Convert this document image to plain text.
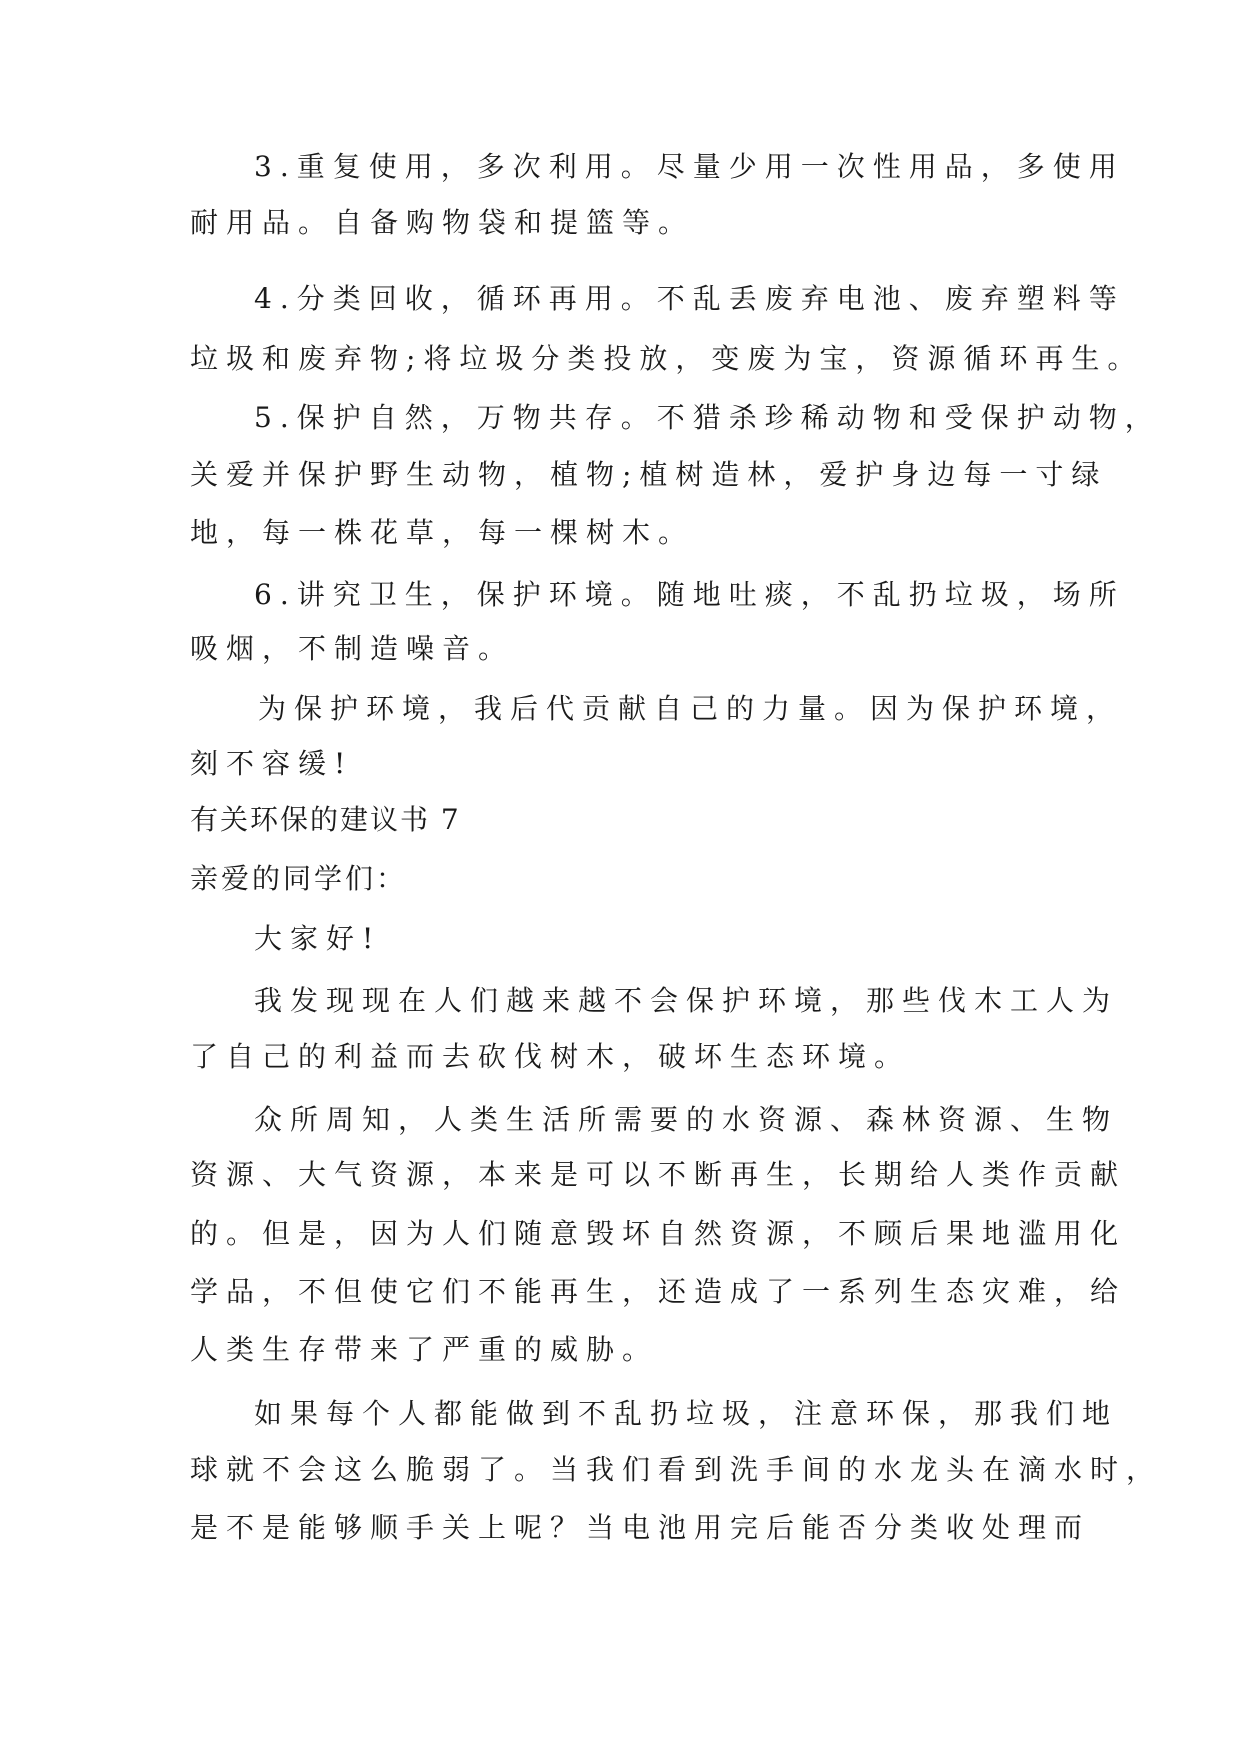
3.重复使用，多次利用。尽量少用一次性用品，多使用
耐用品。自备购物袋和提篮等。
4.分类回收，循环再用。不乱丢废弃电池、废弃塑料等
垃圾和废弃物;将垃圾分类投放，变废为宝，资源循环再生。
5.保护自然，万物共存。不猎杀珍稀动物和受保护动物，
关爱并保护野生动物，植物;植树造林，爱护身边每一寸绿
地，每一株花草，每一棵树木。
6.讲究卫生，保护环境。随地吐痰，不乱扔垃圾，场所
吸烟，不制造噪音。
为保护环境，我后代贡献自己的力量。因为保护环境，
刻不容缓!
有关环保的建议书 7
亲爱的同学们：
大家好!
我发现现在人们越来越不会保护环境，那些伐木工人为
了自己的利益而去砍伐树木，破坏生态环境。
众所周知，人类生活所需要的水资源、森林资源、生物
资源、大气资源，本来是可以不断再生，长期给人类作贡献
的。但是，因为人们随意毁坏自然资源，不顾后果地滥用化
学品，不但使它们不能再生，还造成了一系列生态灾难，给
人类生存带来了严重的威胁。
如果每个人都能做到不乱扔垃圾，注意环保，那我们地
球就不会这么脆弱了。当我们看到洗手间的水龙头在滴水时，
是不是能够顺手关上呢？当电池用完后能否分类收处理而
